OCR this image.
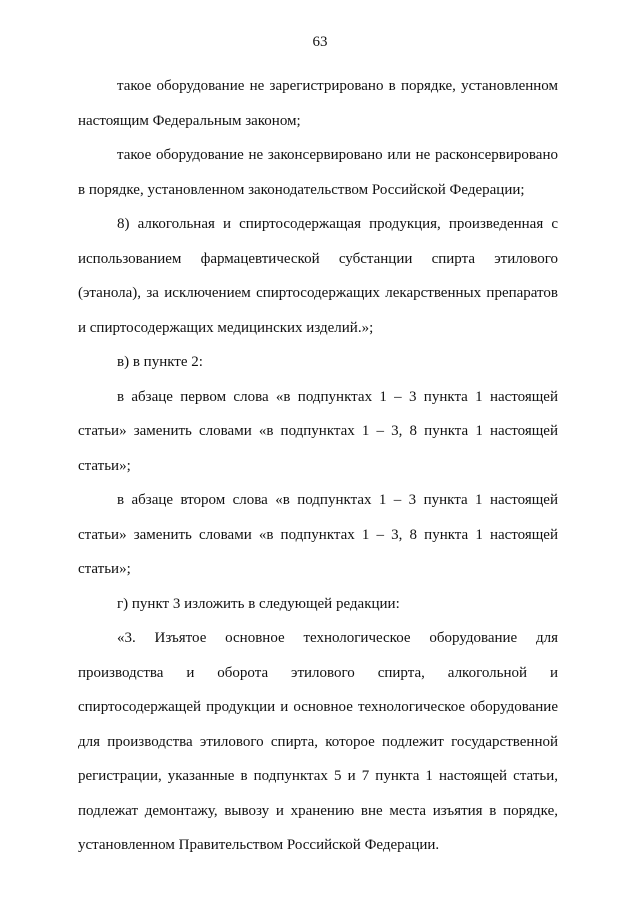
63

такое оборудование не зарегистрировано в порядке, установленном настоящим Федеральным законом;

такое оборудование не законсервировано или не расконсервировано в порядке, установленном законодательством Российской Федерации;

8) алкогольная и спиртосодержащая продукция, произведенная с использованием фармацевтической субстанции спирта этилового (этанола), за исключением спиртосодержащих лекарственных препаратов и спиртосодержащих медицинских изделий.»;

в) в пункте 2:

в абзаце первом слова «в подпунктах 1 – 3 пункта 1 настоящей статьи» заменить словами «в подпунктах 1 – 3, 8 пункта 1 настоящей статьи»;

в абзаце втором слова «в подпунктах 1 – 3 пункта 1 настоящей статьи» заменить словами «в подпунктах 1 – 3, 8 пункта 1 настоящей статьи»;

г) пункт 3 изложить в следующей редакции:

«3. Изъятое основное технологическое оборудование для производства и оборота этилового спирта, алкогольной и спиртосодержащей продукции и основное технологическое оборудование для производства этилового спирта, которое подлежит государственной регистрации, указанные в подпунктах 5 и 7 пункта 1 настоящей статьи, подлежат демонтажу, вывозу и хранению вне места изъятия в порядке, установленном Правительством Российской Федерации.
